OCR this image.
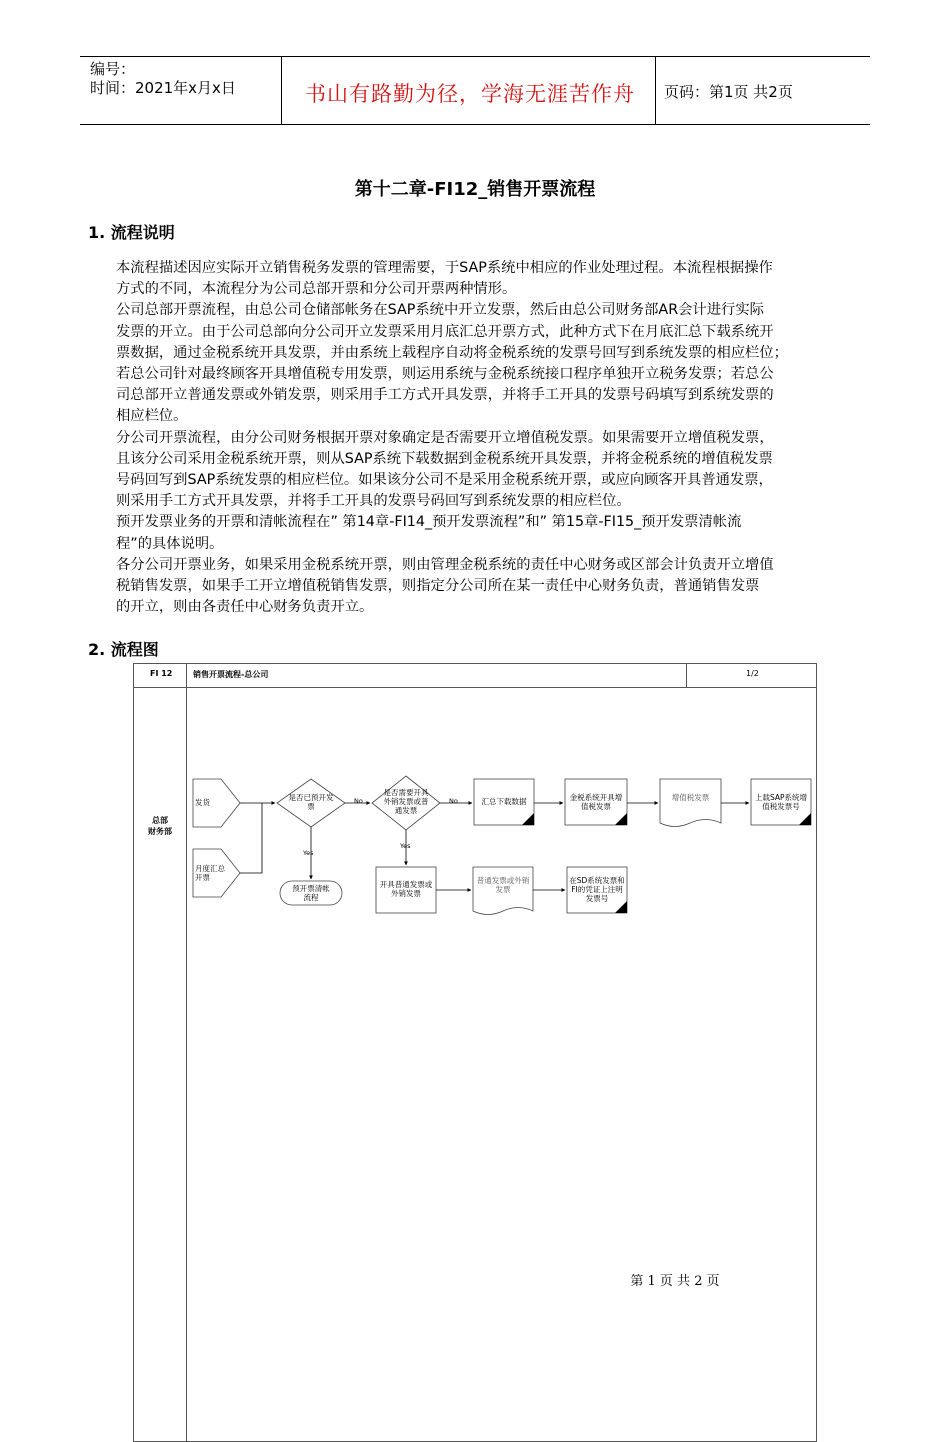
编号：
时间：2021年x月x日	书山有路勤为径，学海无涯苦作舟	页码：第1页 共2页
第十二章-FI12_销售开票流程
1. 流程说明
本流程描述因应实际开立销售税务发票的管理需要，于SAP系统中相应的作业处理过程。本流程根据操作
方式的不同，本流程分为公司总部开票和分公司开票两种情形。
公司总部开票流程，由总公司仓储部帐务在SAP系统中开立发票，然后由总公司财务部AR会计进行实际
发票的开立。由于公司总部向分公司开立发票采用月底汇总开票方式，此种方式下在月底汇总下载系统开
票数据，通过金税系统开具发票，并由系统上载程序自动将金税系统的发票号回写到系统发票的相应栏位；
若总公司针对最终顾客开具增值税专用发票，则运用系统与金税系统接口程序单独开立税务发票；若总公
司总部开立普通发票或外销发票，则采用手工方式开具发票，并将手工开具的发票号码填写到系统发票的
相应栏位。
分公司开票流程，由分公司财务根据开票对象确定是否需要开立增值税发票。如果需要开立增值税发票，
且该分公司采用金税系统开票，则从SAP系统下载数据到金税系统开具发票，并将金税系统的增值税发票
号码回写到SAP系统发票的相应栏位。如果该分公司不是采用金税系统开票，或应向顾客开具普通发票，
则采用手工方式开具发票，并将手工开具的发票号码回写到系统发票的相应栏位。
预开发票业务的开票和清帐流程在” 第14章-FI14_预开发票流程”和” 第15章-FI15_预开发票清帐流
程”的具体说明。
各分公司开票业务，如果采用金税系统开票，则由管理金税系统的责任中心财务或区部会计负责开立增值
税销售发票，如果手工开立增值税销售发票，则指定分公司所在某一责任中心财务负责，普通销售发票
的开立，则由各责任中心财务负责开立。
2. 流程图
FI 12	销售开票流程-总公司	1/2
总部
财务部
发货
月度汇总开票
是否已预开发票
是否需要开具外销发票或普通发票
汇总下载数据	金税系统开具增值税发票
增值税发票	上载SAP系统增值税发票号
预开票清帐流程
开具普通发票或外销发票
普通发票或外销发票
在SD系统发票和FI的凭证上注明发票号
No	No
Yes
Yes
第 1 页 共 2 页
